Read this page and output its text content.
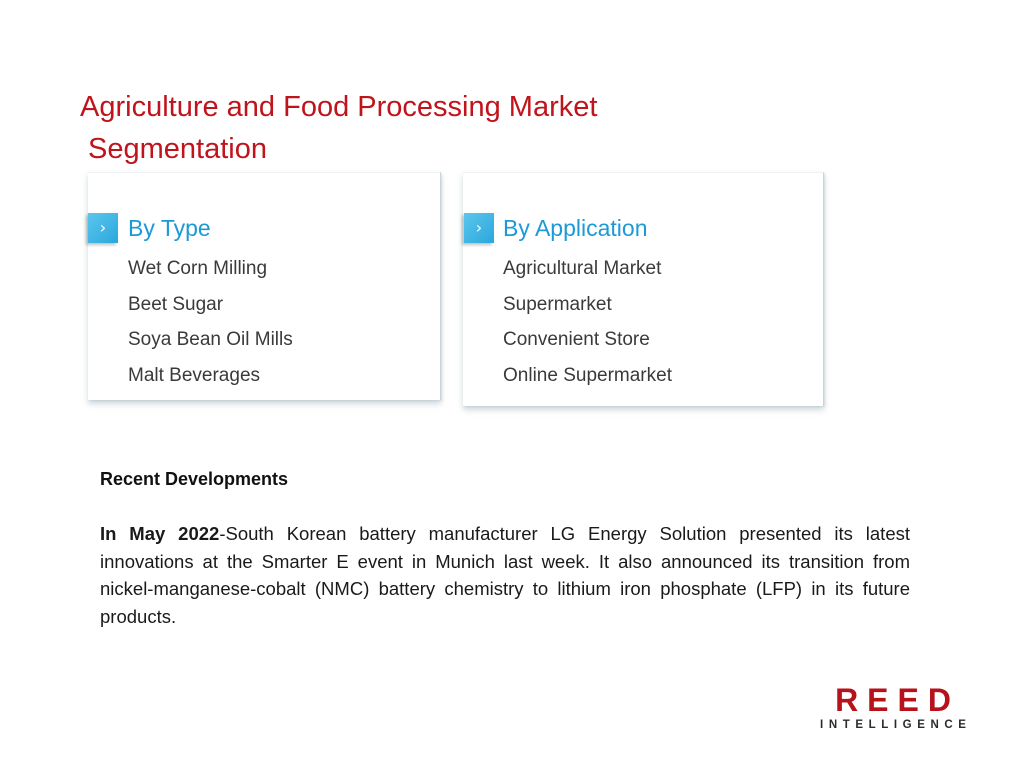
Agriculture and Food Processing Market
Segmentation
› By Type
Wet Corn Milling
Beet Sugar
Soya Bean Oil Mills
Malt Beverages
› By Application
Agricultural Market
Supermarket
Convenient Store
Online Supermarket
Recent Developments

In May 2022-South Korean battery manufacturer LG Energy Solution presented its latest innovations at the Smarter E event in Munich last week. It also announced its transition from nickel-manganese-cobalt (NMC) battery chemistry to lithium iron phosphate (LFP) in its future products.

REED
INTELLIGENCE
